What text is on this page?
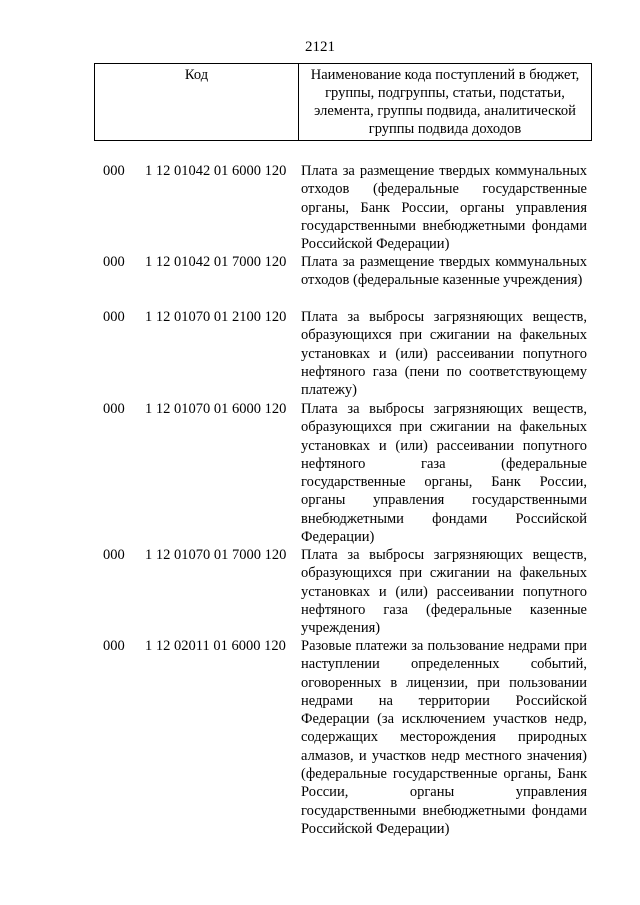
2121
Код	Наименование кода поступлений в бюджет, группы, подгруппы, статьи, подстатьи, элемента, группы подвида, аналитической группы подвида доходов
000 1 12 01042 01 6000 120 Плата за размещение твердых коммунальных отходов (федеральные государственные органы, Банк России, органы управления государственными внебюджетными фондами Российской Федерации)
000 1 12 01042 01 7000 120 Плата за размещение твердых коммунальных отходов (федеральные казенные учреждения)
000 1 12 01070 01 2100 120 Плата за выбросы загрязняющих веществ, образующихся при сжигании на факельных установках и (или) рассеивании попутного нефтяного газа (пени по соответствующему платежу)
000 1 12 01070 01 6000 120 Плата за выбросы загрязняющих веществ, образующихся при сжигании на факельных установках и (или) рассеивании попутного нефтяного газа (федеральные государственные органы, Банк России, органы управления государственными внебюджетными фондами Российской Федерации)
000 1 12 01070 01 7000 120 Плата за выбросы загрязняющих веществ, образующихся при сжигании на факельных установках и (или) рассеивании попутного нефтяного газа (федеральные казенные учреждения)
000 1 12 02011 01 6000 120 Разовые платежи за пользование недрами при наступлении определенных событий, оговоренных в лицензии, при пользовании недрами на территории Российской Федерации (за исключением участков недр, содержащих месторождения природных алмазов, и участков недр местного значения) (федеральные государственные органы, Банк России, органы управления государственными внебюджетными фондами Российской Федерации)
